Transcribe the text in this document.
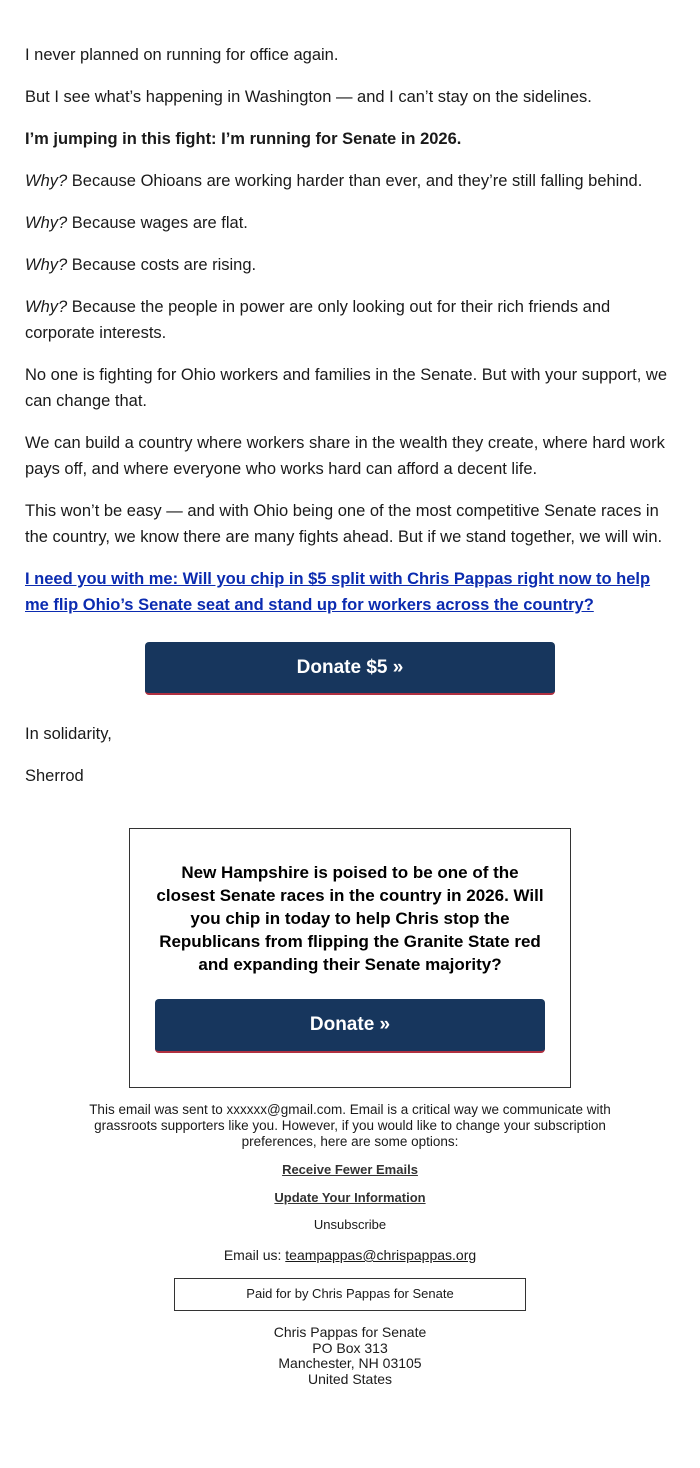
I never planned on running for office again.

But I see what’s happening in Washington — and I can’t stay on the sidelines.

I’m jumping in this fight: I’m running for Senate in 2026.

Why? Because Ohioans are working harder than ever, and they’re still falling behind.

Why? Because wages are flat.

Why? Because costs are rising.

Why? Because the people in power are only looking out for their rich friends and corporate interests.

No one is fighting for Ohio workers and families in the Senate. But with your support, we can change that.

We can build a country where workers share in the wealth they create, where hard work pays off, and where everyone who works hard can afford a decent life.

This won’t be easy — and with Ohio being one of the most competitive Senate races in the country, we know there are many fights ahead. But if we stand together, we will win.

I need you with me: Will you chip in $5 split with Chris Pappas right now to help me flip Ohio’s Senate seat and stand up for workers across the country?
Donate $5 »

In solidarity,

Sherrod

New Hampshire is poised to be one of the closest Senate races in the country in 2026. Will you chip in today to help Chris stop the Republicans from flipping the Granite State red and expanding their Senate majority?

Donate »
This email was sent to xxxxxx@gmail.com. Email is a critical way we communicate with grassroots supporters like you. However, if you would like to change your subscription preferences, here are some options:
Receive Fewer Emails
Update Your Information
Unsubscribe
Email us: teampappas@chrispappas.org
Paid for by Chris Pappas for Senate
Chris Pappas for Senate
PO Box 313
Manchester, NH 03105
United States
